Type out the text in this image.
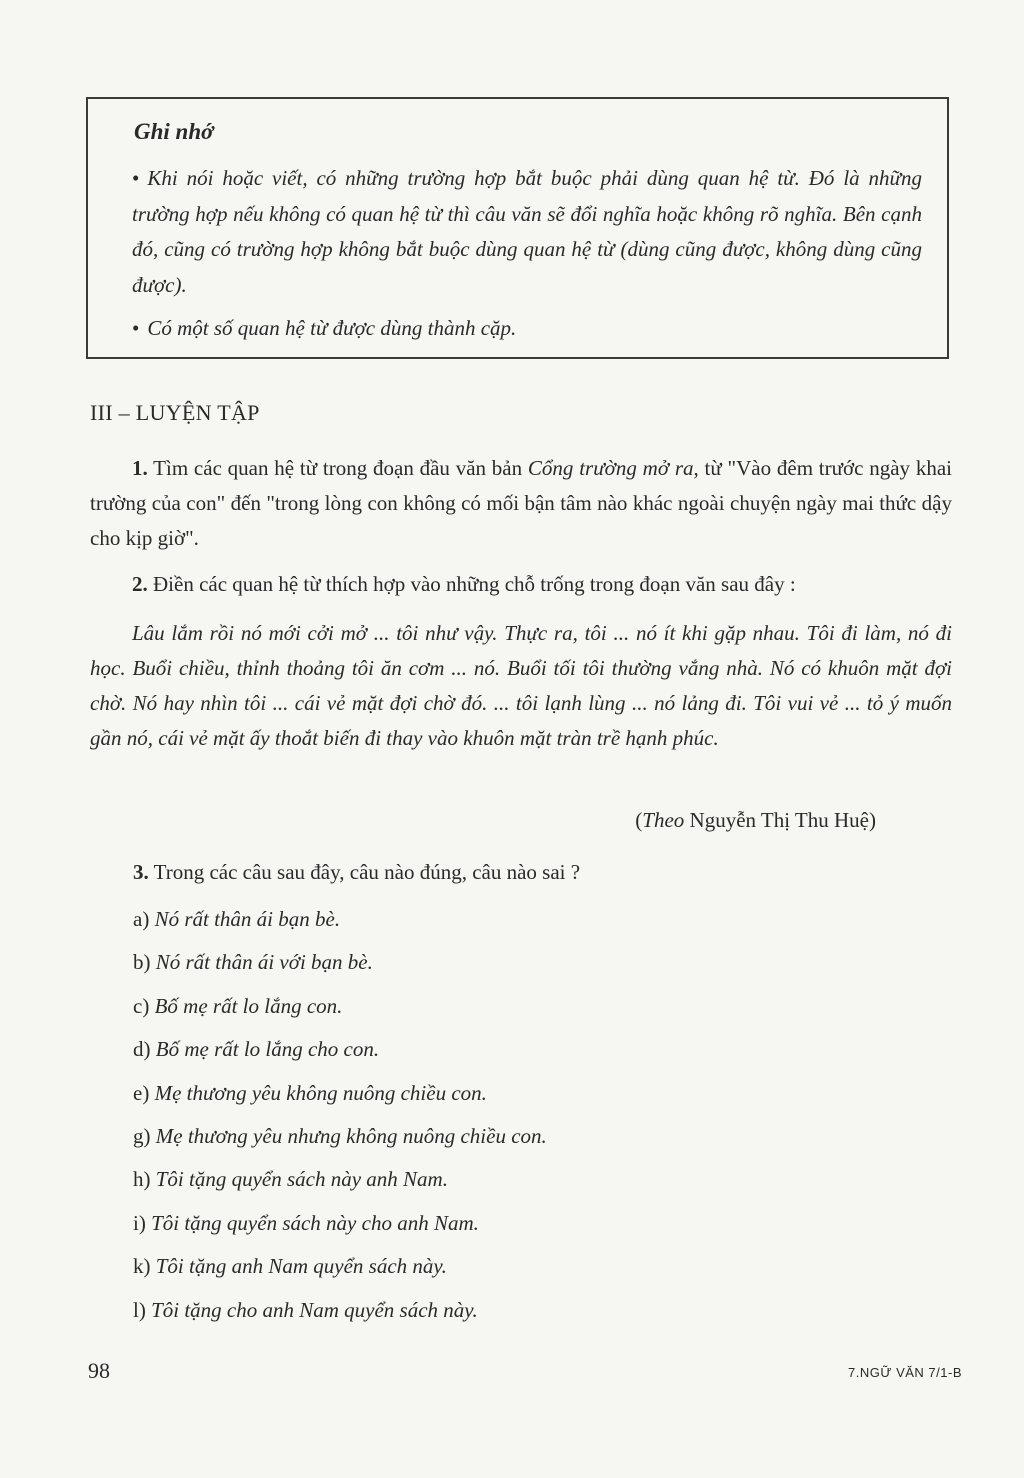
Ghi nhớ
• Khi nói hoặc viết, có những trường hợp bắt buộc phải dùng quan hệ từ. Đó là những trường hợp nếu không có quan hệ từ thì câu văn sẽ đổi nghĩa hoặc không rõ nghĩa. Bên cạnh đó, cũng có trường hợp không bắt buộc dùng quan hệ từ (dùng cũng được, không dùng cũng được).
• Có một số quan hệ từ được dùng thành cặp.
III – LUYỆN TẬP
1. Tìm các quan hệ từ trong đoạn đầu văn bản Cổng trường mở ra, từ "Vào đêm trước ngày khai trường của con" đến "trong lòng con không có mối bận tâm nào khác ngoài chuyện ngày mai thức dậy cho kịp giờ".
2. Điền các quan hệ từ thích hợp vào những chỗ trống trong đoạn văn sau đây :
Lâu lắm rồi nó mới cởi mở ... tôi như vậy. Thực ra, tôi ... nó ít khi gặp nhau. Tôi đi làm, nó đi học. Buổi chiều, thỉnh thoảng tôi ăn cơm ... nó. Buổi tối tôi thường vắng nhà. Nó có khuôn mặt đợi chờ. Nó hay nhìn tôi ... cái vẻ mặt đợi chờ đó. ... tôi lạnh lùng ... nó lảng đi. Tôi vui vẻ ... tỏ ý muốn gần nó, cái vẻ mặt ấy thoắt biến đi thay vào khuôn mặt tràn trề hạnh phúc.
(Theo Nguyễn Thị Thu Huệ)
3. Trong các câu sau đây, câu nào đúng, câu nào sai ?
a) Nó rất thân ái bạn bè.
b) Nó rất thân ái với bạn bè.
c) Bố mẹ rất lo lắng con.
d) Bố mẹ rất lo lắng cho con.
e) Mẹ thương yêu không nuông chiều con.
g) Mẹ thương yêu nhưng không nuông chiều con.
h) Tôi tặng quyển sách này anh Nam.
i) Tôi tặng quyển sách này cho anh Nam.
k) Tôi tặng anh Nam quyển sách này.
l) Tôi tặng cho anh Nam quyển sách này.
98	7.NGỮ VĂN 7/1-B
